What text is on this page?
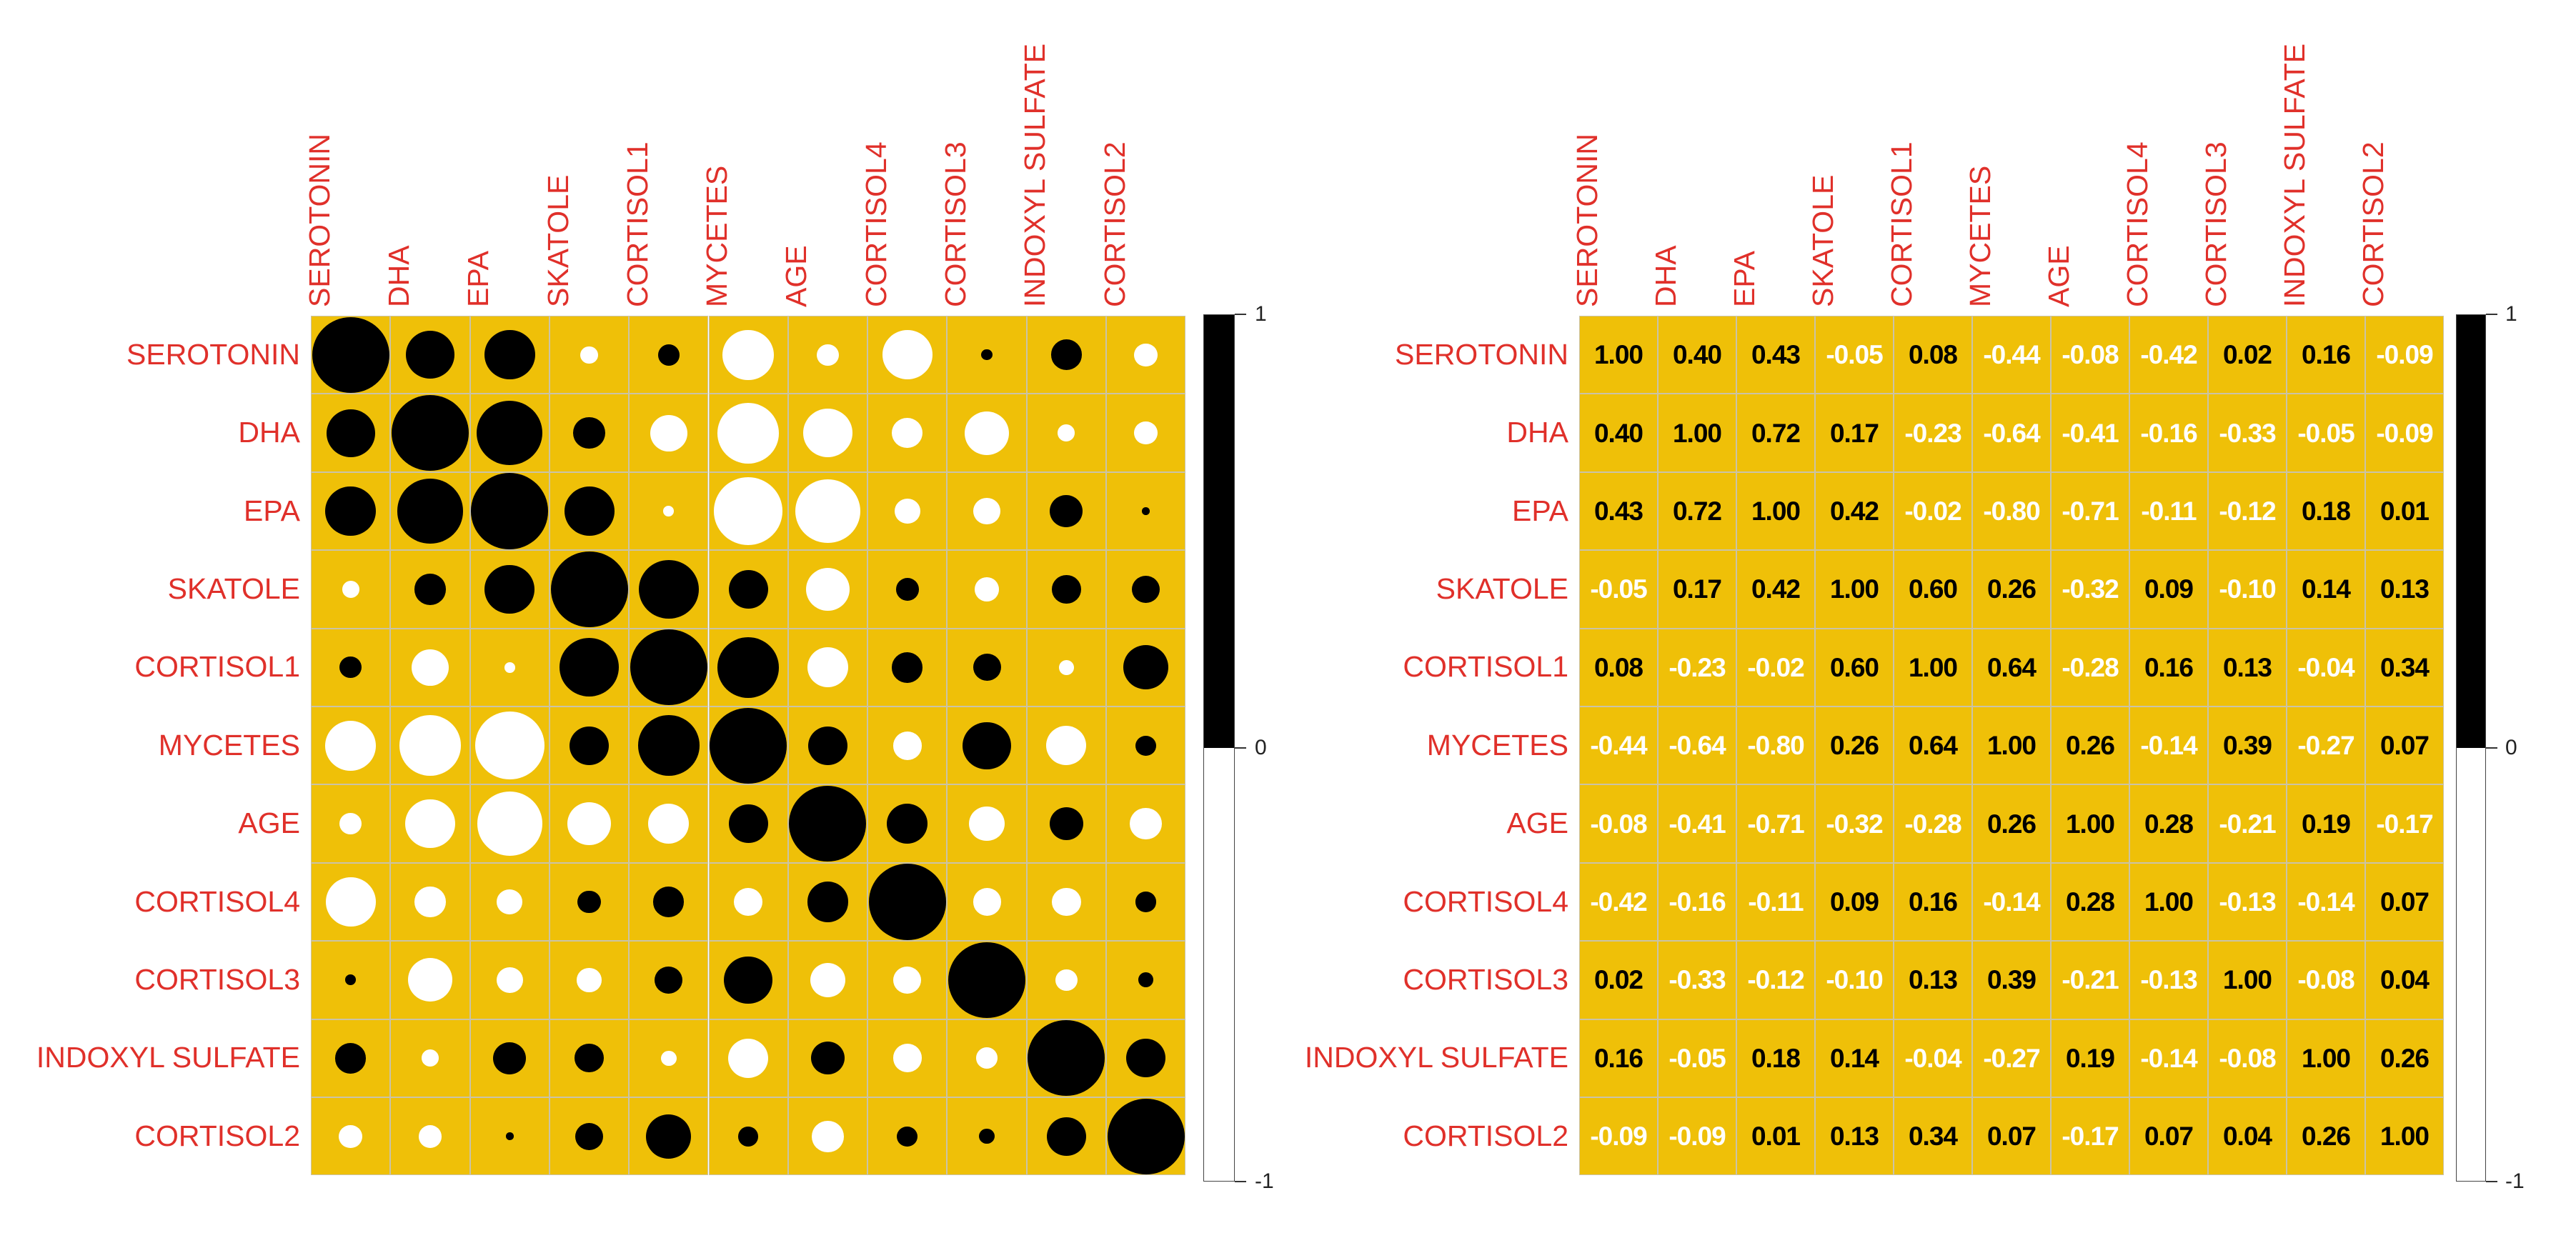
SEROTONIN
DHA
EPA
SKATOLE
CORTISOL1
MYCETES
AGE
CORTISOL4
CORTISOL3
INDOXYL SULFATE
CORTISOL2
SEROTONIN DHA EPA SKATOLE CORTISOL1 MYCETES AGE CORTISOL4 CORTISOL3 INDOXYL SULFATE CORTISOL2
SEROTONIN
DHA
EPA
SKATOLE
CORTISOL1
MYCETES
AGE
CORTISOL4
CORTISOL3
INDOXYL SULFATE
CORTISOL2
SEROTONIN DHA EPA SKATOLE CORTISOL1 MYCETES AGE CORTISOL4 CORTISOL3 INDOXYL SULFATE CORTISOL2
1.00 0.40 0.43 -0.05 0.08 -0.44 -0.08 -0.42 0.02 0.16 -0.09
0.40 1.00 0.72 0.17 -0.23 -0.64 -0.41 -0.16 -0.33 -0.05 -0.09
0.43 0.72 1.00 0.42 -0.02 -0.80 -0.71 -0.11 -0.12 0.18 0.01
-0.05 0.17 0.42 1.00 0.60 0.26 -0.32 0.09 -0.10 0.14 0.13
0.08 -0.23 -0.02 0.60 1.00 0.64 -0.28 0.16 0.13 -0.04 0.34
-0.44 -0.64 -0.80 0.26 0.64 1.00 0.26 -0.14 0.39 -0.27 0.07
-0.08 -0.41 -0.71 -0.32 -0.28 0.26 1.00 0.28 -0.21 0.19 -0.17
-0.42 -0.16 -0.11 0.09 0.16 -0.14 0.28 1.00 -0.13 -0.14 0.07
0.02 -0.33 -0.12 -0.10 0.13 0.39 -0.21 -0.13 1.00 -0.08 0.04
0.16 -0.05 0.18 0.14 -0.04 -0.27 0.19 -0.14 -0.08 1.00 0.26
-0.09 -0.09 0.01 0.13 0.34 0.07 -0.17 0.07 0.04 0.26 1.00
1
0
-1
1
0
-1
